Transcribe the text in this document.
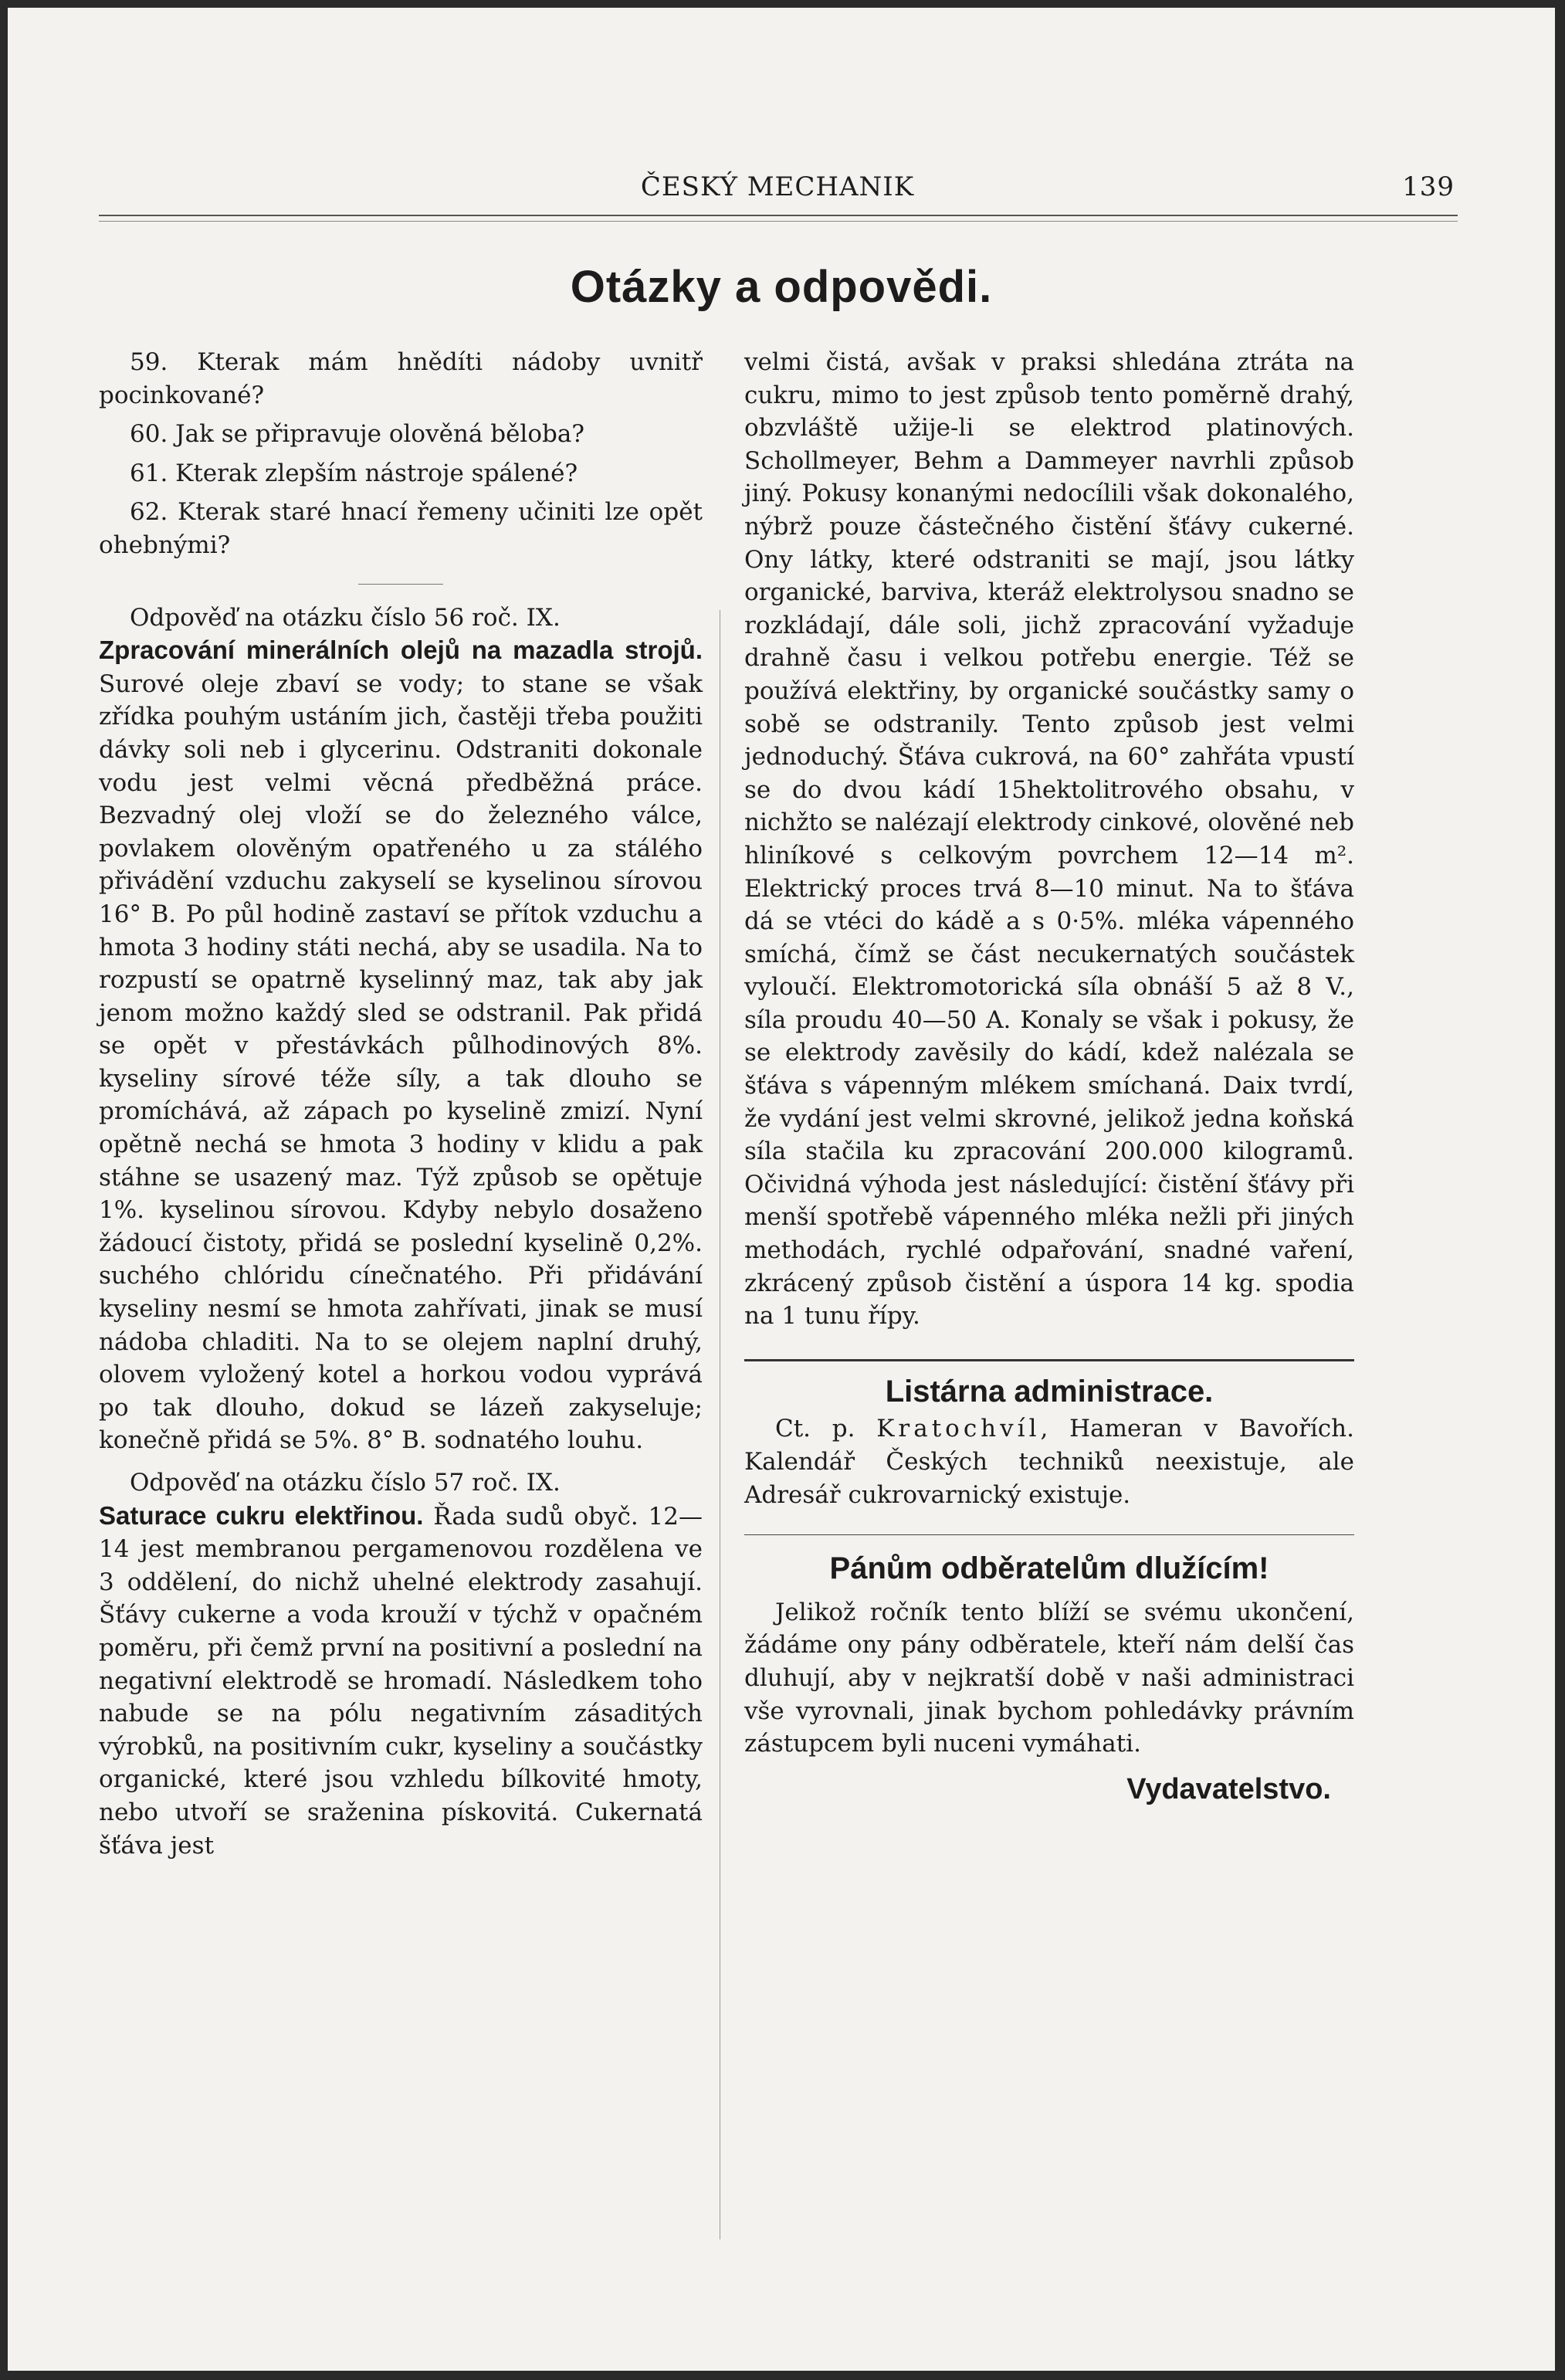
ČESKÝ MECHANIK	139
Otázky a odpovědi.

59. Kterak mám hnědíti nádoby uvnitř pocinkované?

60. Jak se připravuje olověná běloba?

61. Kterak zlepším nástroje spálené?

62. Kterak staré hnací řemeny učiniti lze opět ohebnými?

Odpověď na otázku číslo 56 roč. IX.

Zpracování minerálních olejů na mazadla strojů. Surové oleje zbaví se vody; to stane se však zřídka pouhým ustáním jich, častěji třeba použiti dávky soli neb i glycerinu. Odstraniti dokonale vodu jest velmi věcná předběžná práce. Bezvadný olej vloží se do železného válce, povlakem olověným opatřeného u za stálého přivádění vzduchu zakyselí se kyselinou sírovou 16° B. Po půl hodině zastaví se přítok vzduchu a hmota 3 hodiny státi nechá, aby se usadila. Na to rozpustí se opatrně kyselinný maz, tak aby jak jenom možno každý sled se odstranil. Pak přidá se opět v přestávkách půlhodinových 8%. kyseliny sírové téže síly, a tak dlouho se promíchává, až zápach po kyselině zmizí. Nyní opětně nechá se hmota 3 hodiny v klidu a pak stáhne se usazený maz. Týž způsob se opětuje 1%. kyselinou sírovou. Kdyby nebylo dosaženo žádoucí čistoty, přidá se poslední kyselině 0,2%. suchého chlóridu cínečnatého. Při přidávání kyseliny nesmí se hmota zahřívati, jinak se musí nádoba chladiti. Na to se olejem naplní druhý, olovem vyložený kotel a horkou vodou vyprává po tak dlouho, dokud se lázeň zakyseluje; konečně přidá se 5%. 8° B. sodnatého louhu.

Odpověď na otázku číslo 57 roč. IX.

Saturace cukru elektřinou. Řada sudů obyč. 12—14 jest membranou pergamenovou rozdělena ve 3 oddělení, do nichž uhelné elektrody zasahují. Šťávy cukerne a voda krouží v týchž v opačném poměru, při čemž první na positivní a poslední na negativní elektrodě se hromadí. Následkem toho nabude se na pólu negativním zásaditých výrobků, na positivním cukr, kyseliny a součástky organické, které jsou vzhledu bílkovité hmoty, nebo utvoří se sraženina pískovitá. Cukernatá šťáva jest

velmi čistá, avšak v praksi shledána ztráta na cukru, mimo to jest způsob tento poměrně drahý, obzvláště užije-li se elektrod platinových. Schollmeyer, Behm a Dammeyer navrhli způsob jiný. Pokusy konanými nedocílili však dokonalého, nýbrž pouze částečného čistění šťávy cukerné. Ony látky, které odstraniti se mají, jsou látky organické, barviva, kteráž elektrolysou snadno se rozkládají, dále soli, jichž zpracování vyžaduje drahně času i velkou potřebu energie. Též se používá elektřiny, by organické součástky samy o sobě se odstranily. Tento způsob jest velmi jednoduchý. Šťáva cukrová, na 60° zahřáta vpustí se do dvou kádí 15hektolitrového obsahu, v nichžto se nalézají elektrody cinkové, olověné neb hliníkové s celkovým povrchem 12—14 m². Elektrický proces trvá 8—10 minut. Na to šťáva dá se vtéci do kádě a s 0·5%. mléka vápenného smíchá, čímž se část necukernatých součástek vyloučí. Elektromotorická síla obnáší 5 až 8 V., síla proudu 40—50 A. Konaly se však i pokusy, že se elektrody zavěsily do kádí, kdež nalézala se šťáva s vápenným mlékem smíchaná. Daix tvrdí, že vydání jest velmi skrovné, jelikož jedna koňská síla stačila ku zpracování 200.000 kilogramů. Očividná výhoda jest následující: čistění šťávy při menší spotřebě vápenného mléka nežli při jiných methodách, rychlé odpařování, snadné vaření, zkrácený způsob čistění a úspora 14 kg. spodia na 1 tunu řípy.

Listárna administrace.

Ct. p. Kratochvíl, Hameran v Bavořích. Kalendář Českých techniků neexistuje, ale Adresář cukrovarnický existuje.

Pánům odběratelům dlužícím!

Jelikož ročník tento blíží se svému ukončení, žádáme ony pány odběratele, kteří nám delší čas dluhují, aby v nejkratší době v naši administraci vše vyrovnali, jinak bychom pohledávky právním zástupcem byli nuceni vymáhati.

Vydavatelstvo.
